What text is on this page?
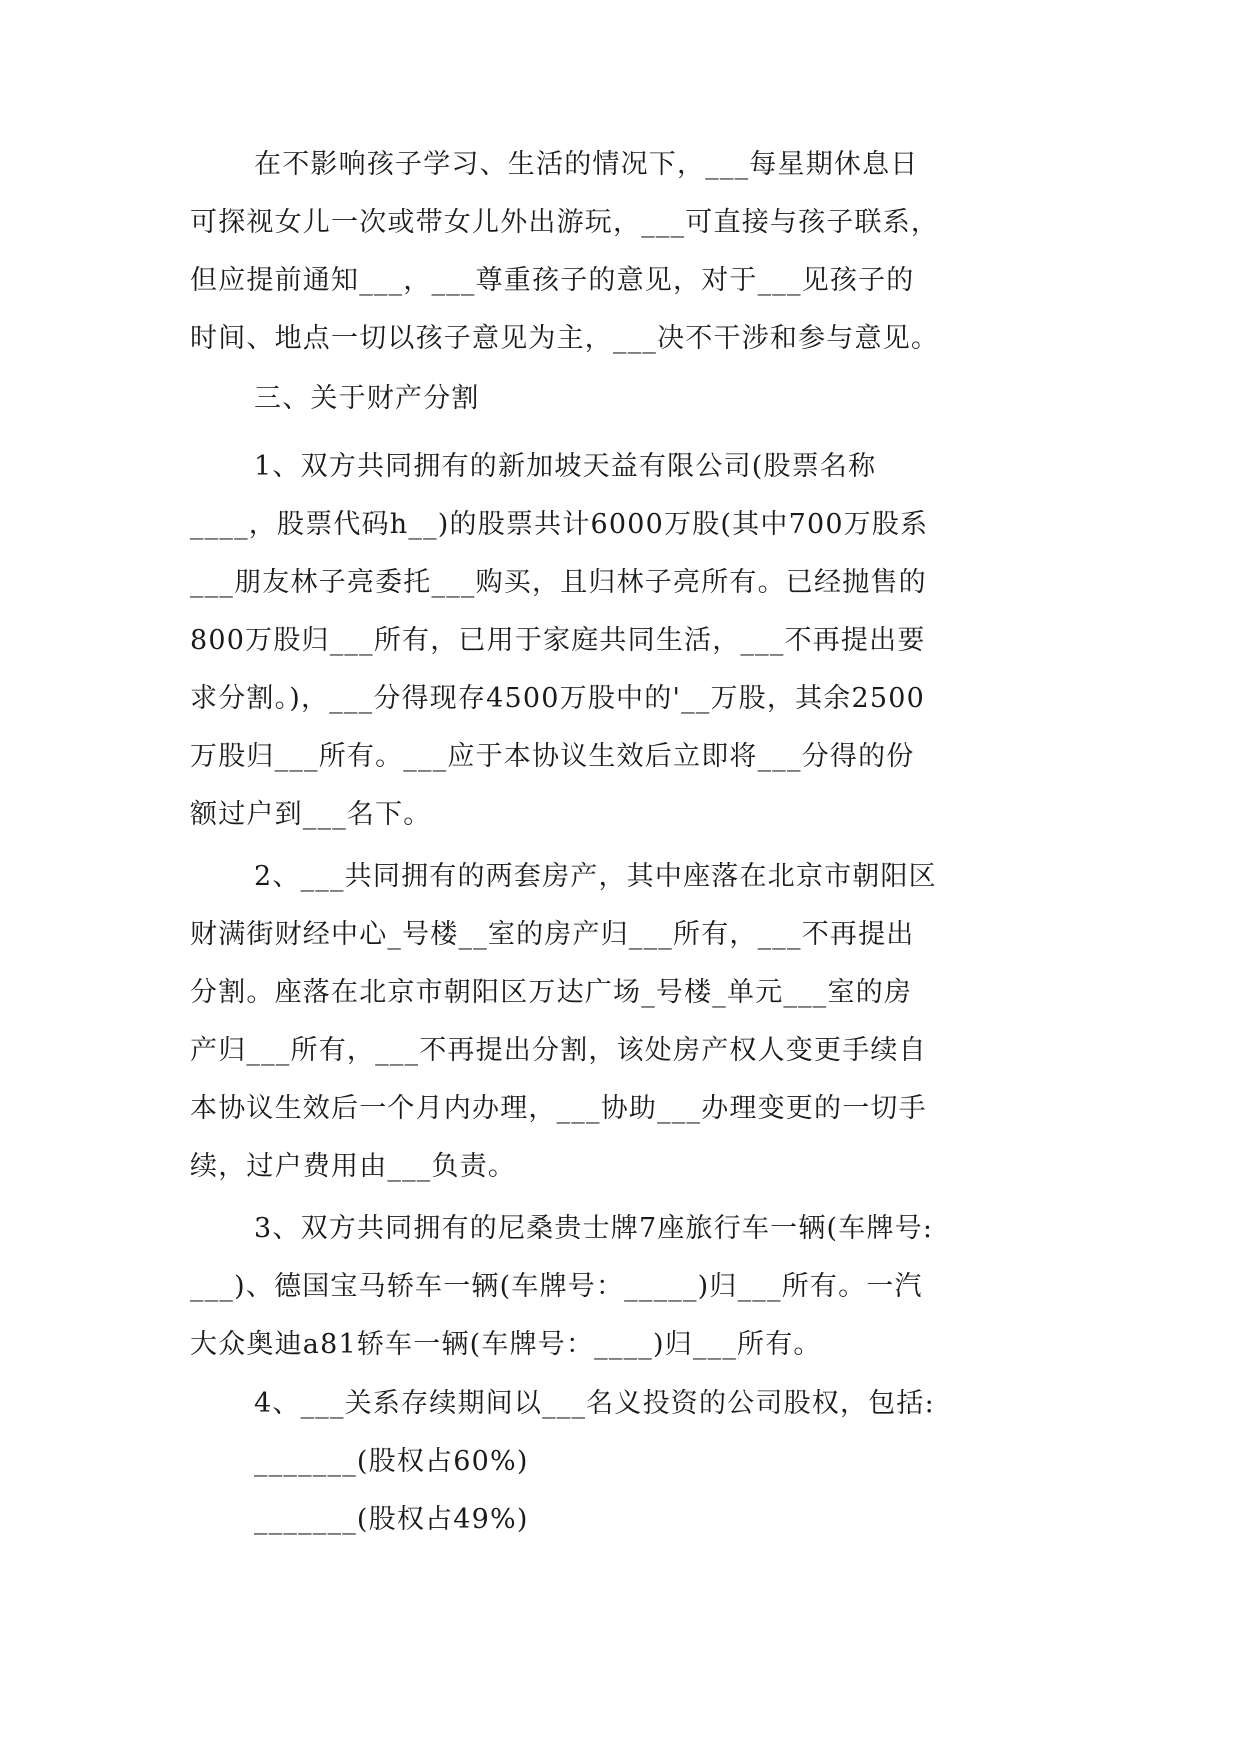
在不影响孩子学习、生活的情况下，___每星期休息日
可探视女儿一次或带女儿外出游玩，___可直接与孩子联系，
但应提前通知___，___尊重孩子的意见，对于___见孩子的
时间、地点一切以孩子意见为主，___决不干涉和参与意见。
三、关于财产分割
1、双方共同拥有的新加坡天益有限公司(股票名称
____，股票代码h__)的股票共计6000万股(其中700万股系
___朋友林子亮委托___购买，且归林子亮所有。已经抛售的
800万股归___所有，已用于家庭共同生活，___不再提出要
求分割。)，___分得现存4500万股中的'__万股，其余2500
万股归___所有。___应于本协议生效后立即将___分得的份
额过户到___名下。
2、___共同拥有的两套房产，其中座落在北京市朝阳区
财满街财经中心_号楼__室的房产归___所有，___不再提出
分割。座落在北京市朝阳区万达广场_号楼_单元___室的房
产归___所有，___不再提出分割，该处房产权人变更手续自
本协议生效后一个月内办理，___协助___办理变更的一切手
续，过户费用由___负责。
3、双方共同拥有的尼桑贵士牌7座旅行车一辆(车牌号:
___)、德国宝马轿车一辆(车牌号：_____)归___所有。一汽
大众奥迪a81轿车一辆(车牌号：____)归___所有。
4、___关系存续期间以___名义投资的公司股权，包括:
_______(股权占60%)
_______(股权占49%)
